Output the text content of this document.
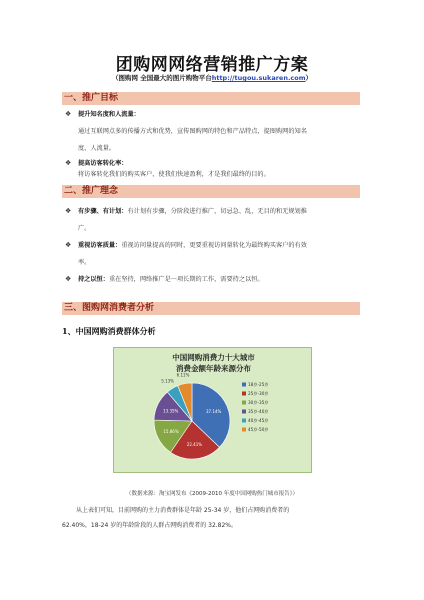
团购网网络营销推广方案
（图购网 全国最大的图片购物平台http://tugou.sukaren.com）
一、推广目标
❖ 提升知名度和人流量：
通过互联网点多的传播方式和优势，宣传图购网的特色和产品特点，提图购网的知名
度、人流量。
❖ 提高访客转化率：
将访客转化我们的购买客户，使我们快速盈利，才是我们最终的目的。
二、推广理念
❖ 有步骤、有计划：有计划有步骤，分阶段进行推广，切忌急、乱，无目的和无规划推
广。
❖ 重视访客质量：重视访问量提高的同时，更要重视访问量转化为最终购买客户的有效
率。
❖ 持之以恒：重在坚持，网络推广是一项长期的工作，需要持之以恒。
三、图购网消费者分析
1、中国网购消费群体分析
中国网购消费力十大城市
消费金额年龄来源分布
37.14%
22.41%
15.86%
13.35%
5.13%
6.11%
18岁-25岁
25岁-30岁
30岁-35岁
35岁-40岁
40岁-45岁
45岁-50岁
（数据来源：淘宝网发布《2009-2010 年度中国网购热门城市报告》）
从上表们可知，目前网购的主力消费群体是年龄 25-34 岁，他们占网购消费者的
62.40%，18-24 岁的年龄阶段的人群占网购消费者的 32.82%。
